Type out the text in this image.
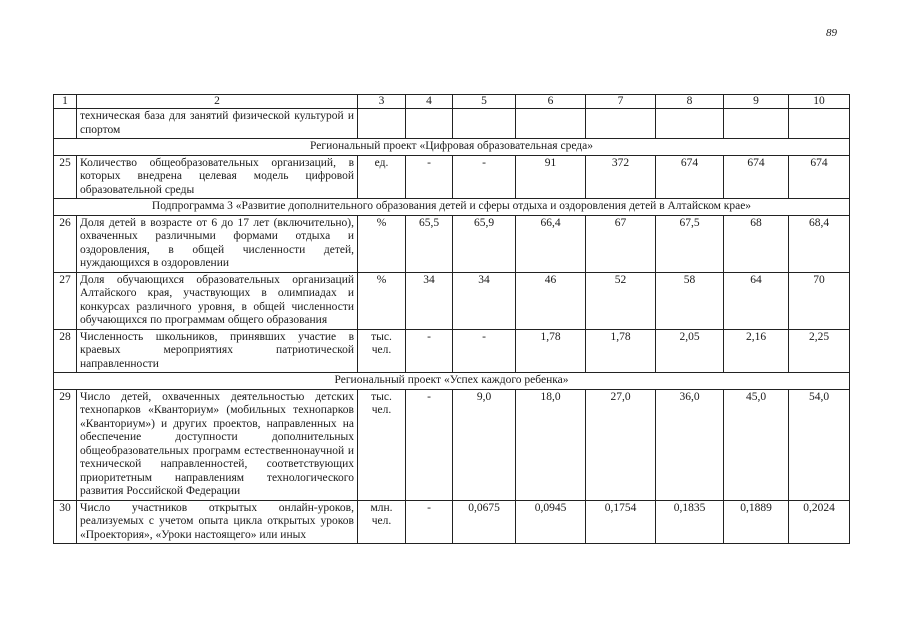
89
1	2	3	4	5	6	7	8	9	10
	техническая база для занятий физической культурой и спортом								
Региональный проект «Цифровая образовательная среда»									
25	Количество общеобразовательных организаций, в которых внедрена целевая модель цифровой образовательной среды	ед.	-	-	91	372	674	674	674
Подпрограмма 3 «Развитие дополнительного образования детей и сферы отдыха и оздоровления детей в Алтайском крае»									
26	Доля детей в возрасте от 6 до 17 лет (включительно), охваченных различными формами отдыха и оздоровления, в общей численности детей, нуждающихся в оздоровлении	%	65,5	65,9	66,4	67	67,5	68	68,4
27	Доля обучающихся образовательных организаций Алтайского края, участвующих в олимпиадах и конкурсах различного уровня, в общей численности обучающихся по программам общего образования	%	34	34	46	52	58	64	70
28	Численность школьников, принявших участие в краевых мероприятиях патриотической направленности	тыс. чел.	-	-	1,78	1,78	2,05	2,16	2,25
Региональный проект «Успех каждого ребенка»									
29	Число детей, охваченных деятельностью детских технопарков «Кванториум» (мобильных технопарков «Кванториум») и других проектов, направленных на обеспечение доступности дополнительных общеобразовательных программ естественнонаучной и технической направленностей, соответствующих приоритетным направлениям технологического развития Российской Федерации	тыс. чел.	-	9,0	18,0	27,0	36,0	45,0	54,0
30	Число участников открытых онлайн-уроков, реализуемых с учетом опыта цикла открытых уроков «Проектория», «Уроки настоящего» или иных	млн. чел.	-	0,0675	0,0945	0,1754	0,1835	0,1889	0,2024
